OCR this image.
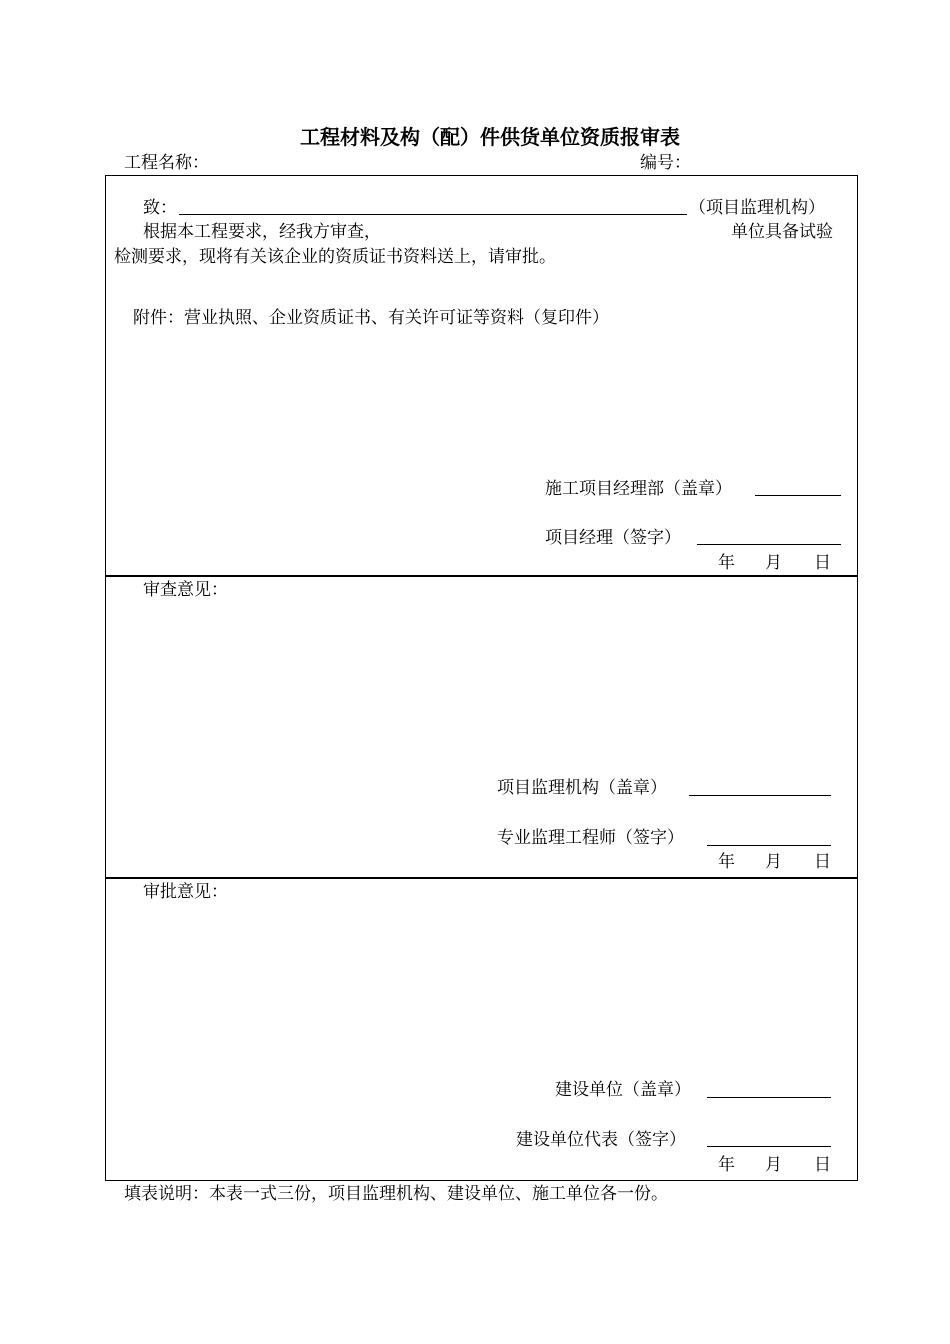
工程材料及构（配）件供货单位资质报审表
工程名称：	编号：
致：	（项目监理机构）
根据本工程要求，经我方审查，	单位具备试验
检测要求，现将有关该企业的资质证书资料送上，请审批。
附件：营业执照、企业资质证书、有关许可证等资料（复印件）
施工项目经理部（盖章）
项目经理（签字）
年 月 日
审查意见：
项目监理机构（盖章）
专业监理工程师（签字）
年 月 日
审批意见：
建设单位（盖章）
建设单位代表（签字）
年 月 日
填表说明：本表一式三份，项目监理机构、建设单位、施工单位各一份。
